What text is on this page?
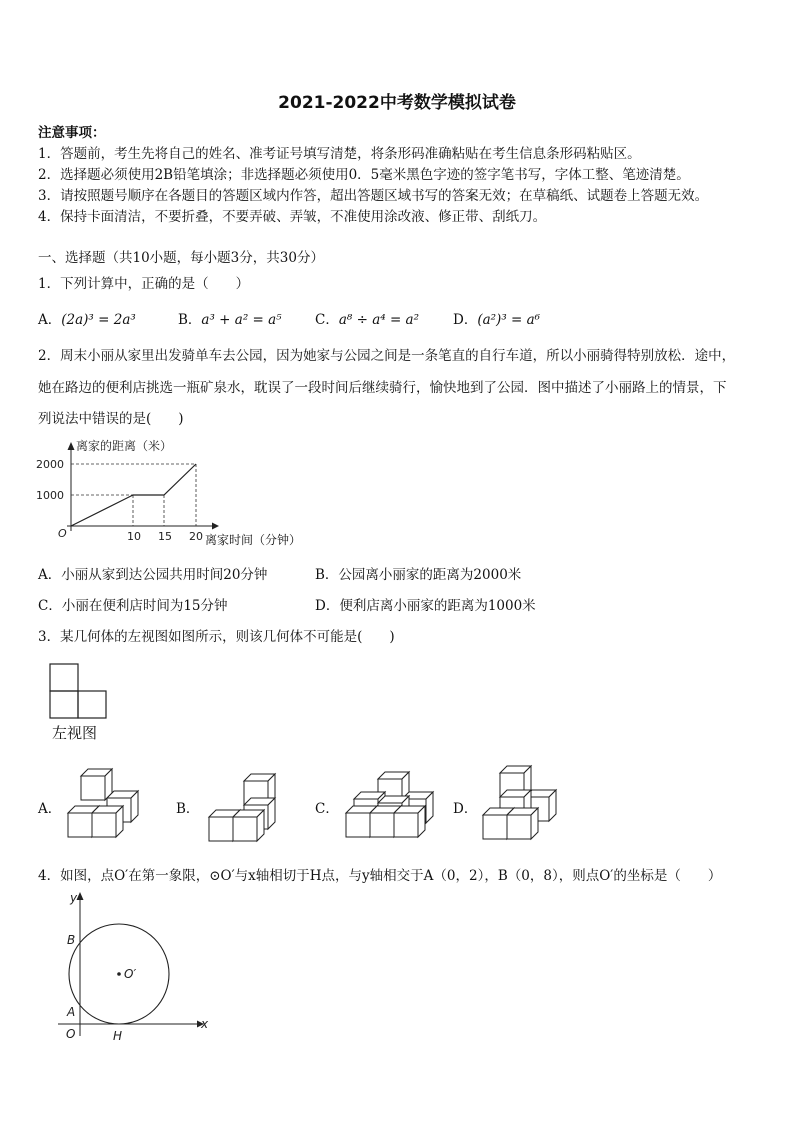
2021-2022中考数学模拟试卷
注意事项：
1．答题前，考生先将自己的姓名、准考证号填写清楚，将条形码准确粘贴在考生信息条形码粘贴区。
2．选择题必须使用2B铅笔填涂；非选择题必须使用0．5毫米黑色字迹的签字笔书写，字体工整、笔迹清楚。
3．请按照题号顺序在各题目的答题区域内作答，超出答题区域书写的答案无效；在草稿纸、试题卷上答题无效。
4．保持卡面清洁，不要折叠，不要弄破、弄皱，不准使用涂改液、修正带、刮纸刀。
一、选择题（共10小题，每小题3分，共30分）
1．下列计算中，正确的是（　　）
A．(2a)³ = 2a³	B．a³ + a² = a⁵ C．a⁸ ÷ a⁴ = a²	D．(a²)³ = a⁶
2．周末小丽从家里出发骑单车去公园，因为她家与公园之间是一条笔直的自行车道，所以小丽骑得特别放松．途中，
她在路边的便利店挑选一瓶矿泉水，耽误了一段时间后继续骑行，愉快地到了公园．图中描述了小丽路上的情景，下
列说法中错误的是(　　)
离家的距离（米）
2000
1000
O	10 15 20 离家时间（分钟）
A．小丽从家到达公园共用时间20分钟	B．公园离小丽家的距离为2000米
C．小丽在便利店时间为15分钟	D．便利店离小丽家的距离为1000米
3．某几何体的左视图如图所示，则该几何体不可能是(　　)
左视图
A．	B．	C．	D．
4．如图，点O′在第一象限，⊙O′与x轴相切于H点，与y轴相交于A（0，2），B（0，8），则点O′的坐标是（　　）
y
x
B
A
O	H
O′
